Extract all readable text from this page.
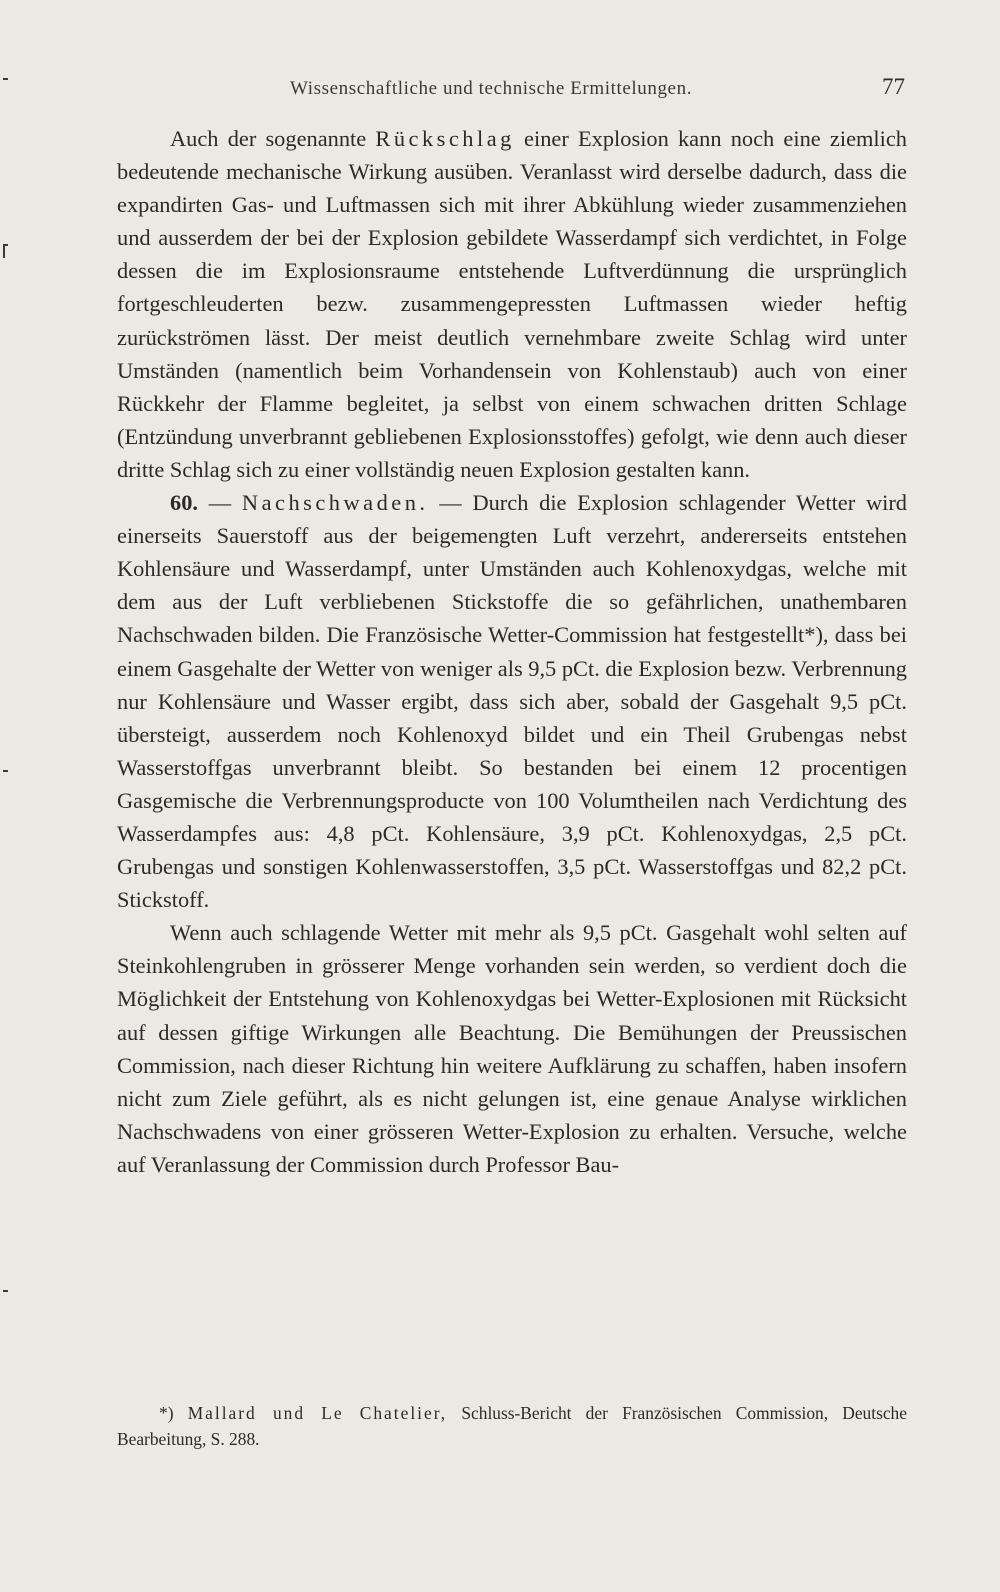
Wissenschaftliche und technische Ermittelungen.	77

Auch der sogenannte Rückschlag einer Explosion kann noch eine ziemlich bedeutende mechanische Wirkung ausüben. Veranlasst wird derselbe dadurch, dass die expandirten Gas- und Luftmassen sich mit ihrer Abkühlung wieder zusammenziehen und ausserdem der bei der Explosion gebildete Wasserdampf sich verdichtet, in Folge dessen die im Explosionsraume entstehende Luftverdünnung die ursprünglich fortgeschleuderten bezw. zusammengepressten Luftmassen wieder heftig zurückströmen lässt. Der meist deutlich vernehmbare zweite Schlag wird unter Umständen (namentlich beim Vorhandensein von Kohlenstaub) auch von einer Rückkehr der Flamme begleitet, ja selbst von einem schwachen dritten Schlage (Entzündung unverbrannt gebliebenen Explosionsstoffes) gefolgt, wie denn auch dieser dritte Schlag sich zu einer vollständig neuen Explosion gestalten kann.

60. — Nachschwaden. — Durch die Explosion schlagender Wetter wird einerseits Sauerstoff aus der beigemengten Luft verzehrt, andererseits entstehen Kohlensäure und Wasserdampf, unter Umständen auch Kohlenoxydgas, welche mit dem aus der Luft verbliebenen Stickstoffe die so gefährlichen, unathembaren Nachschwaden bilden. Die Französische Wetter-Commission hat festgestellt*), dass bei einem Gasgehalte der Wetter von weniger als 9,5 pCt. die Explosion bezw. Verbrennung nur Kohlensäure und Wasser ergibt, dass sich aber, sobald der Gasgehalt 9,5 pCt. übersteigt, ausserdem noch Kohlenoxyd bildet und ein Theil Grubengas nebst Wasserstoffgas unverbrannt bleibt. So bestanden bei einem 12 procentigen Gasgemische die Verbrennungsproducte von 100 Volumtheilen nach Verdichtung des Wasserdampfes aus: 4,8 pCt. Kohlensäure, 3,9 pCt. Kohlenoxydgas, 2,5 pCt. Grubengas und sonstigen Kohlenwasserstoffen, 3,5 pCt. Wasserstoffgas und 82,2 pCt. Stickstoff.

Wenn auch schlagende Wetter mit mehr als 9,5 pCt. Gasgehalt wohl selten auf Steinkohlengruben in grösserer Menge vorhanden sein werden, so verdient doch die Möglichkeit der Entstehung von Kohlenoxydgas bei Wetter-Explosionen mit Rücksicht auf dessen giftige Wirkungen alle Beachtung. Die Bemühungen der Preussischen Commission, nach dieser Richtung hin weitere Aufklärung zu schaffen, haben insofern nicht zum Ziele geführt, als es nicht gelungen ist, eine genaue Analyse wirklichen Nachschwadens von einer grösseren Wetter-Explosion zu erhalten. Versuche, welche auf Veranlassung der Commission durch Professor Bau-

*) Mallard und Le Chatelier, Schluss-Bericht der Französischen Commission, Deutsche Bearbeitung, S. 288.
